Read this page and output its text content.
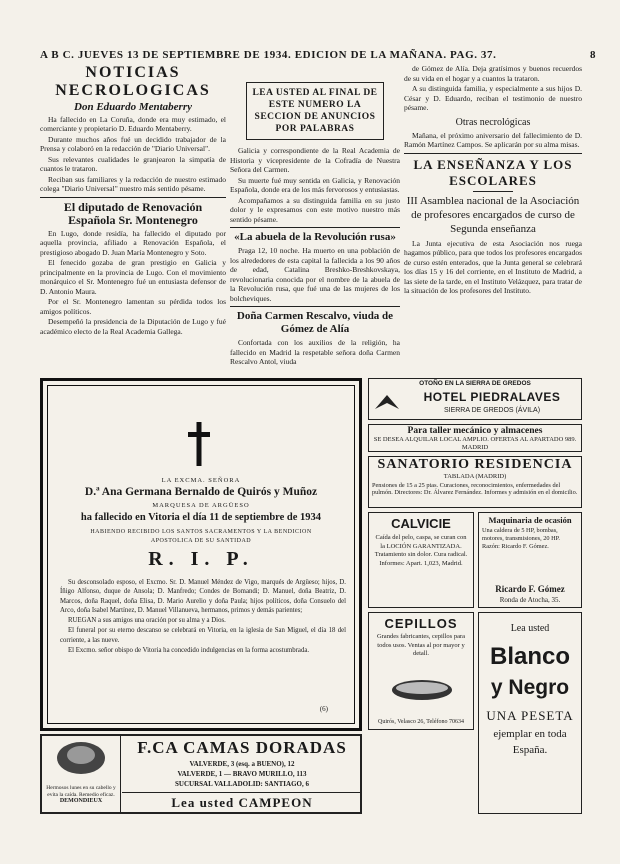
A B C. JUEVES 13 DE SEPTIEMBRE DE 1934. EDICION DE LA MAÑANA. PAG. 37.	8
NOTICIAS NECROLOGICAS
Don Eduardo Mentaberry

Ha fallecido en La Coruña, donde era muy estimado, el comerciante y propietario D. Eduardo Mentaberry.

Durante muchos años fué un decidido trabajador de la Prensa y colaboró en la redacción de "Diario Universal".

Sus relevantes cualidades le granjearon la simpatía de cuantos le trataron.

Reciban sus familiares y la redacción de nuestro estimado colega "Diario Universal" nuestro más sentido pésame.

El diputado de Renovación Española Sr. Montenegro

En Lugo, donde residía, ha fallecido el diputado por aquella provincia, afiliado a Renovación Española, el prestigioso abogado D. Juan María Montenegro y Soto.

El fenecido gozaba de gran prestigio en Galicia y principalmente en la provincia de Lugo. Con el movimiento monárquico el Sr. Montenegro fué un entusiasta defensor de D. Antonio Maura.

Por el Sr. Montenegro lamentan su pérdida todos los amigos políticos.

Desempeñó la presidencia de la Diputación de Lugo y fué académico electo de la Real Academia Gallega.

LEA USTED AL FINAL DE ESTE NUMERO LA SECCION DE ANUNCIOS POR PALABRAS

Galicia y correspondiente de la Real Academia de Historia y vicepresidente de la Cofradía de Nuestra Señora del Carmen.

Su muerte fué muy sentida en Galicia, y Renovación Española, donde era de los más fervorosos y entusiastas.

Acompañamos a su distinguida familia en su justo dolor y le expresamos con este motivo nuestro más sentido pésame.

«La abuela de la Revolución rusa»

Praga 12, 10 noche. Ha muerto en una población de los alrededores de esta capital la fallecida a los 90 años de edad, Catalina Breshko-Breshkovskaya, revolucionaria conocida por el nombre de la abuela de la Revolución rusa, que fué una de las mujeres de los bolcheviques.

Doña Carmen Rescalvo, viuda de Gómez de Alía

Confortada con los auxilios de la religión, ha fallecido en Madrid la respetable señora doña Carmen Rescalvo Antol, viuda

de Gómez de Alía. Deja gratísimos y buenos recuerdos de su vida en el hogar y a cuantos la trataron.

A su distinguida familia, y especialmente a sus hijos D. César y D. Eduardo, reciban el testimonio de nuestro pésame.

Otras necrológicas

Mañana, el próximo aniversario del fallecimiento de D. Ramón Martínez Campos. Se aplicarán por su alma misas.

LA ENSEÑANZA Y LOS ESCOLARES
III Asamblea nacional de la Asociación de profesores encargados de curso de Segunda enseñanza

La Junta ejecutiva de esta Asociación nos ruega hagamos público, para que todos los profesores encargados de curso estén enterados, que la Junta general se celebrará los días 15 y 16 del corriente, en el Instituto de Madrid, a las siete de la tarde, en el Instituto Velázquez, para tratar de la situación de los profesores del Instituto.

LA EXCMA. SEÑORA
D.ª Ana Germana Bernaldo de Quirós y Muñoz
MARQUESA DE ARGÜESO
ha fallecido en Vitoria el día 11 de septiembre de 1934
HABIENDO RECIBIDO LOS SANTOS SACRAMENTOS Y LA BENDICION APOSTOLICA DE SU SANTIDAD
R. I. P.

Su desconsolado esposo, el Excmo. Sr. D. Manuel Méndez de Vigo, marqués de Argüeso; hijos, D. Íñigo Alfonso, duque de Ansola; D. Manfredo; Condes de Bomandi; D. Manuel, doña Beatriz, D. Marcos, doña Raquel, doña Elisa, D. Mario Aurelio y doña Paula; hijos políticos, doña Consuelo del Arco, doña Isabel Martínez, D. Manuel Villanueva, hermanos, primos y demás parientes;

RUEGAN a sus amigos una oración por su alma y a Dios.

El funeral por su eterno descanso se celebrará en Vitoria, en la iglesia de San Miguel, el día 18 del corriente, a las nueve.

El Excmo. señor obispo de Vitoria ha concedido indulgencias en la forma acostumbrada.

(6)
Hermosos lunes en su cabello y evita la caída. Remedio eficaz.
DEMONDIEUX
F.CA CAMAS DORADAS
VALVERDE, 3 (esq. a BUENO), 12
VALVERDE, 1 — BRAVO MURILLO, 113
SUCURSAL VALLADOLID: SANTIAGO, 6
Lea usted CAMPEON
OTOÑO EN LA SIERRA DE GREDOS
HOTEL PIEDRALAVES
SIERRA DE GREDOS (ÁVILA)
Para taller mecánico y almacenes
SE DESEA ALQUILAR LOCAL AMPLIO. OFERTAS AL APARTADO 989. MADRID
SANATORIO RESIDENCIA
TABLADA (MADRID)
Pensiones de 15 a 25 ptas. Curaciones, reconocimientos, enfermedades del pulmón. Directores: Dr. Álvarez Fernández. Informes y admisión en el domicilio.
CALVICIE
Caída del pelo, caspa, se curan con la LOCIÓN GARANTIZADA. Tratamiento sin dolor. Cura radical. Informes: Apart. 1,023, Madrid.
Maquinaria de ocasión
Una caldera de 5 HP, bombas, motores, transmisiones, 20 HP. Razón: Ricardo F. Gómez.
Ricardo F. Gómez
Ronda de Atocha, 35.
CEPILLOS
Grandes fabricantes, cepillos para todos usos. Ventas al por mayor y detall.
Quirós, Velasco 26, Teléfono 70634
Lea usted
Blanco
y Negro
UNA PESETA
ejemplar en toda
España.
